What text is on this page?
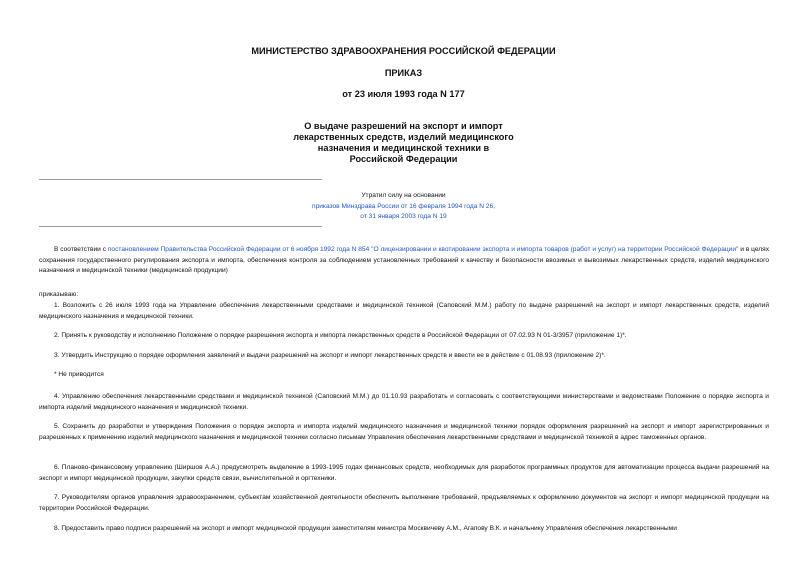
МИНИСТЕРСТВО ЗДРАВООХРАНЕНИЯ РОССИЙСКОЙ ФЕДЕРАЦИИ
ПРИКАЗ
от 23 июля 1993 года N 177
О выдаче разрешений на экспорт и импорт
лекарственных средств, изделий медицинского
назначения и медицинской техники в
Российской Федерации
Утратил силу на основании
приказов Минздрава России от 16 февраля 1994 года N 26,
от 31 января 2003 года N 19

В соответствии с постановлением Правительства Российской Федерации от 6 ноября 1992 года N 854 "О лицензировании и квотировании экспорта и импорта товаров (работ и услуг) на территории Российской Федерации" и в целях сохранения государственного регулирования экспорта и импорта, обеспечения контроля за соблюдением установленных требований к качеству и безопасности ввозимых и вывозимых лекарственных средств, изделий медицинского назначения и медицинской техники (медицинской продукции)

приказываю:

1. Возложить с 26 июля 1993 года на Управление обеспечения лекарственными средствами и медицинской техникой (Саповский М.М.) работу по выдаче разрешений на экспорт и импорт лекарственных средств, изделий медицинского назначения и медицинской техники.

2. Принять к руководству и исполнению Положение о порядке разрешения экспорта и импорта лекарственных средств в Российской Федерации от 07.02.93 N 01-3/3957 (приложение 1)*.

3. Утвердить Инструкцию о порядке оформления заявлений и выдачи разрешений на экспорт и импорт лекарственных средств и ввести ее в действие с 01.08.93 (приложение 2)*.

* Не приводится

4. Управлению обеспечения лекарственными средствами и медицинской техникой (Саповский М.М.) до 01.10.93 разработать и согласовать с соответствующими министерствами и ведомствами Положение о порядке экспорта и импорта изделий медицинского назначения и медицинской техники.

5. Сохранить до разработки и утверждения Положения о порядке экспорта и импорта изделий медицинского назначения и медицинской техники порядок оформления разрешений на экспорт и импорт зарегистрированных и разрешенных к применению изделий медицинского назначения и медицинской техники согласно письмам Управления обеспечения лекарственными средствами и медицинской техникой в адрес таможенных органов.

6. Планово-финансовому управлению (Шиpшов А.А.) предусмотреть выделение в 1993-1995 годах финансовых средств, необходимых для разработок программных продуктов для автоматизации процесса выдачи разрешений на экспорт и импорт медицинской продукции, закупки средств связи, вычислительной и оргтехники.

7. Руководителям органов управления здравоохранением, субъектам хозяйственной деятельности обеспечить выполнение требований, предъявляемых к оформлению документов на экспорт и импорт медицинской продукции на территории Российской Федерации.

8. Предоставить право подписи разрешений на экспорт и импорт медицинской продукции заместителям министра Москвичеву А.М., Агапову В.К. и начальнику Управления обеспечения лекарственными
